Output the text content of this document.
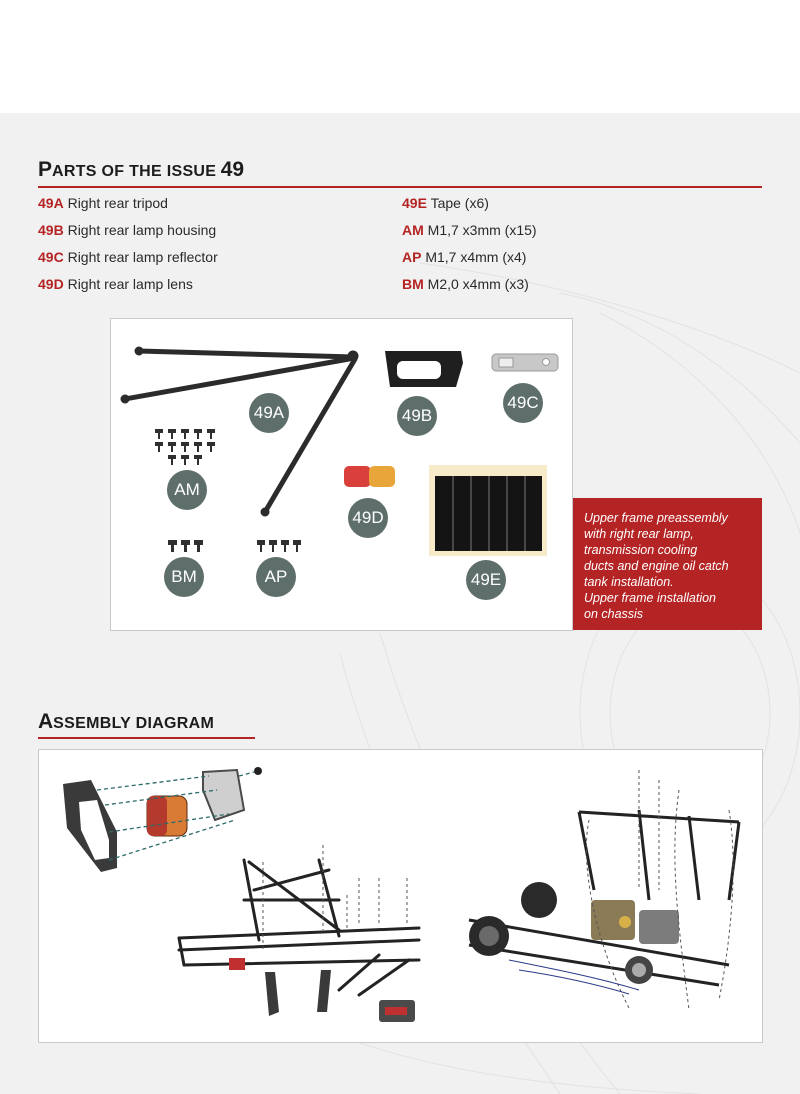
PARTS OF THE ISSUE 49
49A Right rear tripod
49B Right rear lamp housing
49C Right rear lamp reflector
49D Right rear lamp lens
49E Tape (x6)
AM M1,7 x3mm (x15)
AP M1,7 x4mm (x4)
BM M2,0 x4mm (x3)
49A	49B
49C
AM
49D
49E
BM	AP
Upper frame preassembly
with right rear lamp,
transmission cooling
ducts and engine oil catch
tank installation.
Upper frame installation
on chassis
ASSEMBLY DIAGRAM
